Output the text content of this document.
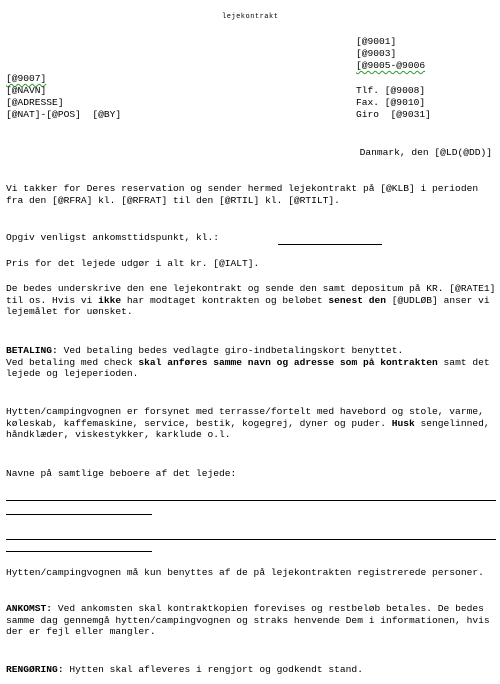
lejekontrakt
[@9001]
[@9003]
[@9005-@9006
[@9007]
[@NAVN]
[@ADRESSE]
[@NAT]-[@POS] [@BY]
Tlf. [@9008]
Fax. [@9010]
Giro [@9031]
Danmark, den [@LD(@DD)]

Vi takker for Deres reservation og sender hermed lejekontrakt på [@KLB] i perioden fra den [@RFRA] kl. [@RFRAT] til den [@RTIL] kl. [@RTILT].

Opgiv venligst ankomsttidspunkt, kl.:
Pris for det lejede udgør i alt kr. [@IALT].

De bedes underskrive den ene lejekontrakt og sende den samt depositum på KR. [@RATE1] til os. Hvis vi ikke har modtaget kontrakten og beløbet senest den [@UDLØB] anser vi lejemålet for uønsket.

BETALING: Ved betaling bedes vedlagte giro-indbetalingskort benyttet.
Ved betaling med check skal anføres samme navn og adresse som på kontrakten samt det lejede og lejeperioden.

Hytten/campingvognen er forsynet med terrasse/fortelt med havebord og stole, varme, køleskab, kaffemaskine, service, bestik, kogegrej, dyner og puder. Husk sengelinned, håndklæder, viskestykker, karklude o.l.

Navne på samtlige beboere af det lejede:

Hytten/campingvognen må kun benyttes af de på lejekontrakten registrerede personer.

ANKOMST: Ved ankomsten skal kontraktkopien forevises og restbeløb betales. De bedes samme dag gennemgå hytten/campingvognen og straks henvende Dem i informationen, hvis der er fejl eller mangler.

RENGØRING: Hytten skal afleveres i rengjort og godkendt stand.
